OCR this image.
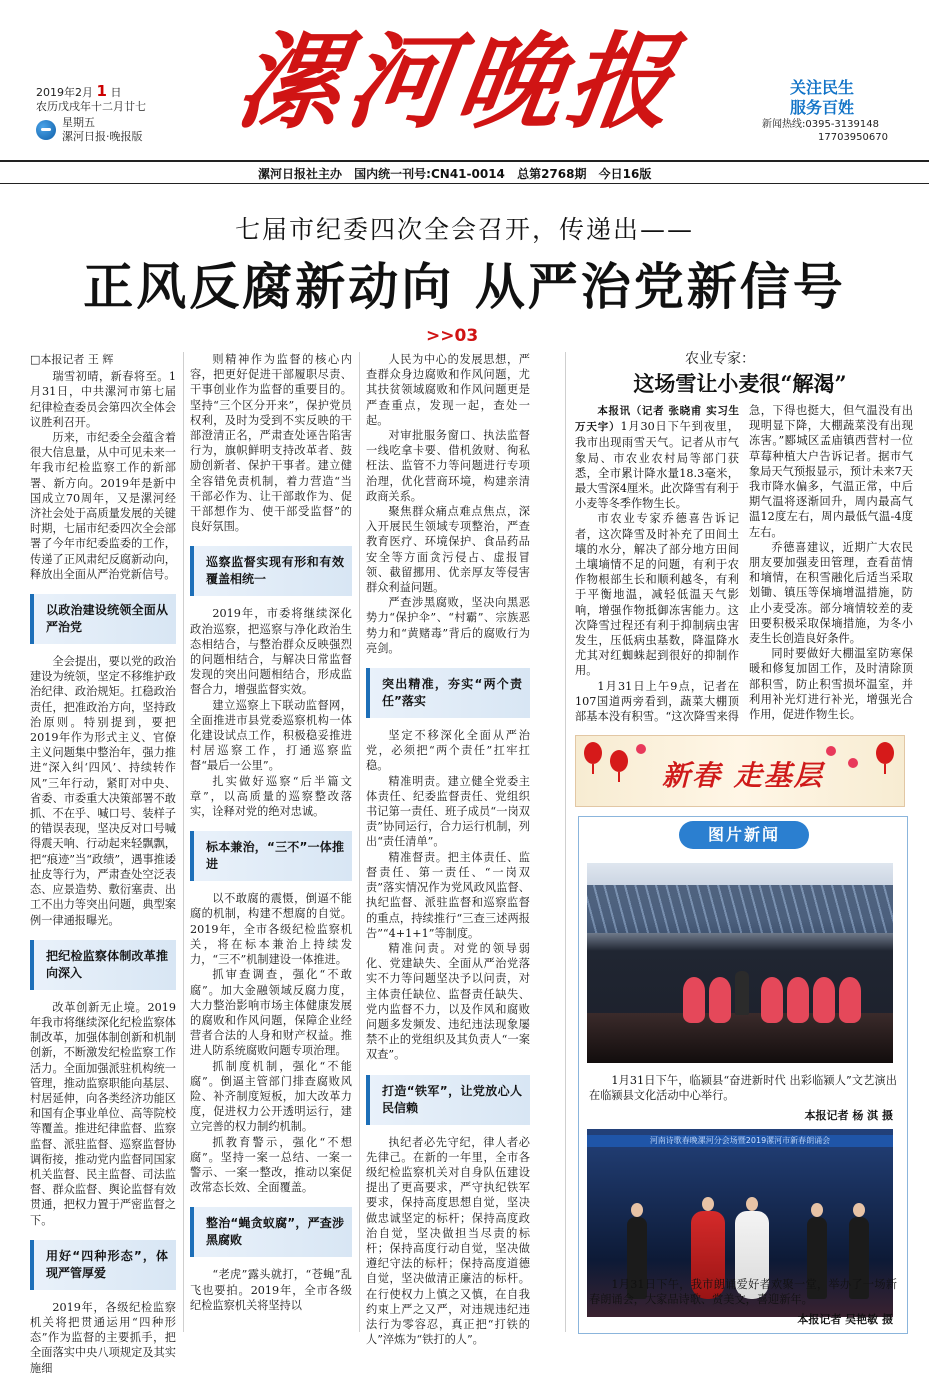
2019年2月 1 日
农历戊戌年十二月廿七
星期五
漯河日报·晚报版 漯河晚报	关注民生
服务百姓
新闻热线:0395-3139148
17703950670
漯河日报社主办 国内统一刊号:CN41-0014 总第2768期 今日16版
七届市纪委四次全会召开，传递出——
正风反腐新动向 从严治党新信号
>>03

□本报记者 王 辉

瑞雪初晴，新春将至。1月31日，中共漯河市第七届纪律检查委员会第四次全体会议胜利召开。

历来，市纪委全会蕴含着很大信息量，从中可见未来一年我市纪检监察工作的新部署、新方向。2019年是新中国成立70周年，又是漯河经济社会处于高质量发展的关键时期，七届市纪委四次全会部署了今年市纪委监委的工作，传递了正风肃纪反腐新动向，释放出全面从严治党新信号。

以政治建设统领全面从严治党

全会提出，要以党的政治建设为统领，坚定不移维护政治纪律、政治规矩。扛稳政治责任，把准政治方向，坚持政治原则。特别提到，要把2019年作为形式主义、官僚主义问题集中整治年，强力推进“深入纠‘四风’、持续转作风”三年行动，紧盯对中央、省委、市委重大决策部署不敢抓、不在乎、喊口号、装样子的错误表现，坚决反对口号喊得震天响、行动起来轻飘飘，把“痕迹”当“政绩”，遇事推诿扯皮等行为，严肃查处空泛表态、应景造势、敷衍塞责、出工不出力等突出问题，典型案例一律通报曝光。

把纪检监察体制改革推向深入

改革创新无止境。2019年我市将继续深化纪检监察体制改革，加强体制创新和机制创新，不断激发纪检监察工作活力。全面加强派驻机构统一管理，推动监察职能向基层、村居延伸，向各类经济功能区和国有企事业单位、高等院校等覆盖。推进纪律监督、监察监督、派驻监督、巡察监督协调衔接，推动党内监督同国家机关监督、民主监督、司法监督、群众监督、舆论监督有效贯通，把权力置于严密监督之下。

用好“四种形态”，体现严管厚爱

2019年，各级纪检监察机关将把贯通运用“四种形态”作为监督的主要抓手，把全面落实中央八项规定及其实施细

则精神作为监督的核心内容，把更好促进干部履职尽责、干事创业作为监督的重要目的。坚持“三个区分开来”，保护党员权利，及时为受到不实反映的干部澄清正名，严肃查处诬告陷害行为，旗帜鲜明支持改革者、鼓励创新者、保护干事者。建立健全容错免责机制，着力营造“当干部必作为、让干部敢作为、促干部想作为、使干部受监督”的良好氛围。

巡察监督实现有形和有效覆盖相统一

2019年，市委将继续深化政治巡察，把巡察与净化政治生态相结合，与整治群众反映强烈的问题相结合，与解决日常监督发现的突出问题相结合，形成监督合力，增强监督实效。

建立巡察上下联动监督网，全面推进市县党委巡察机构一体化建设试点工作，积极稳妥推进村居巡察工作，打通巡察监督“最后一公里”。

扎实做好巡察“后半篇文章”，以高质量的巡察整改落实，诠释对党的绝对忠诚。

标本兼治，“三不”一体推进

以不敢腐的震慑，倒逼不能腐的机制，构建不想腐的自觉。2019年，全市各级纪检监察机关，将在标本兼治上持续发力，“三不”机制建设一体推进。

抓审查调查，强化“不敢腐”。加大金融领域反腐力度，大力整治影响市场主体健康发展的腐败和作风问题，保障企业经营者合法的人身和财产权益。推进人防系统腐败问题专项治理。

抓制度机制，强化“不能腐”。倒逼主管部门排查腐败风险、补齐制度短板，加大改革力度，促进权力公开透明运行，建立完善的权力制约机制。

抓教育警示，强化“不想腐”。坚持一案一总结、一案一警示、一案一整改，推动以案促改常态长效、全面覆盖。

整治“蝇贪蚁腐”，严查涉黑腐败

“老虎”露头就打，“苍蝇”乱飞也要拍。2019年，全市各级纪检监察机关将坚持以

人民为中心的发展思想，严查群众身边腐败和作风问题，尤其扶贫领域腐败和作风问题更是严查重点，发现一起，查处一起。

对审批服务窗口、执法监督一线吃拿卡要、借机敛财、徇私枉法、监管不力等问题进行专项治理，优化营商环境，构建亲清政商关系。

聚焦群众痛点难点焦点，深入开展民生领域专项整治，严查教育医疗、环境保护、食品药品安全等方面贪污侵占、虚报冒领、截留挪用、优亲厚友等侵害群众利益问题。

严查涉黑腐败，坚决向黑恶势力“保护伞”、“村霸”、宗族恶势力和“黄赌毒”背后的腐败行为亮剑。

突出精准，夯实“两个责任”落实

坚定不移深化全面从严治党，必须把“两个责任”扛牢扛稳。

精准明责。建立健全党委主体责任、纪委监督责任、党组织书记第一责任、班子成员“一岗双责”协同运行，合力运行机制，列出“责任清单”。

精准督责。把主体责任、监督责任、第一责任、“一岗双责”落实情况作为党风政风监督、执纪监督、派驻监督和巡察监督的重点，持续推行“三查三述两报告”“4+1+1”等制度。

精准问责。对党的领导弱化、党建缺失、全面从严治党落实不力等问题坚决予以问责，对主体责任缺位、监督责任缺失、党内监督不力，以及作风和腐败问题多发频发、违纪违法现象屡禁不止的党组织及其负责人“一案双查”。

打造“铁军”，让党放心人民信赖

执纪者必先守纪，律人者必先律己。在新的一年里，全市各级纪检监察机关对自身队伍建设提出了更高要求，严守执纪铁军要求，保持高度思想自觉，坚决做忠诚坚定的标杆；保持高度政治自觉，坚决做担当尽责的标杆；保持高度行动自觉，坚决做遵纪守法的标杆；保持高度道德自觉，坚决做清正廉洁的标杆。在行使权力上慎之又慎，在自我约束上严之又严，对违规违纪违法行为零容忍，真正把“打铁的人”淬炼为“铁打的人”。

农业专家：
这场雪让小麦很“解渴”

本报讯（记者 张晓甫 实习生 万天宇）1月30日下午到夜里，我市出现雨雪天气。记者从市气象局、市农业农村局等部门获悉，全市累计降水量18.3毫米，最大雪深4厘米。此次降雪有利于小麦等冬季作物生长。

市农业专家乔德喜告诉记者，这次降雪及时补充了田间土壤的水分，解决了部分地方田间土壤墒情不足的问题，有利于农作物根部生长和顺利越冬，有利于平衡地温，减轻低温天气影响，增强作物抵御冻害能力。这次降雪过程还有利于抑制病虫害发生，压低病虫基数，降温降水尤其对红蜘蛛起到很好的抑制作用。

1月31日上午9点，记者在107国道两旁看到，蔬菜大棚顶部基本没有积雪。“这次降雪来得急，下得也挺大，但气温没有出现明显下降，大棚蔬菜没有出现冻害。”郾城区孟庙镇西营村一位草莓种植大户告诉记者。据市气象局天气预报显示，预计未来7天我市降水偏多，气温正常，中后期气温将逐渐回升，周内最高气温12度左右，周内最低气温-4度左右。

乔德喜建议，近期广大农民朋友要加强麦田管理，查看苗情和墒情，在积雪融化后适当采取划锄、镇压等保墒增温措施，防止小麦受冻。部分墒情较差的麦田要积极采取保墒措施，为冬小麦生长创造良好条件。

同时要做好大棚温室防寒保暖和修复加固工作，及时清除顶部积雪，防止积雪损坏温室，并利用补光灯进行补光，增强光合作用，促进作物生长。

新春 走基层
图片新闻

1月31日下午，临颍县“奋进新时代 出彩临颍人”文艺演出在临颍县文化活动中心举行。

本报记者 杨 淇 摄
河南诗歌春晚漯河分会场暨2019漯河市新春朗诵会

1月31日下午，我市朗诵爱好者欢聚一堂，举办了一场新春朗诵会，大家品诗歌、赏美文，喜迎新年。

本报记者 吴艳敏 摄
